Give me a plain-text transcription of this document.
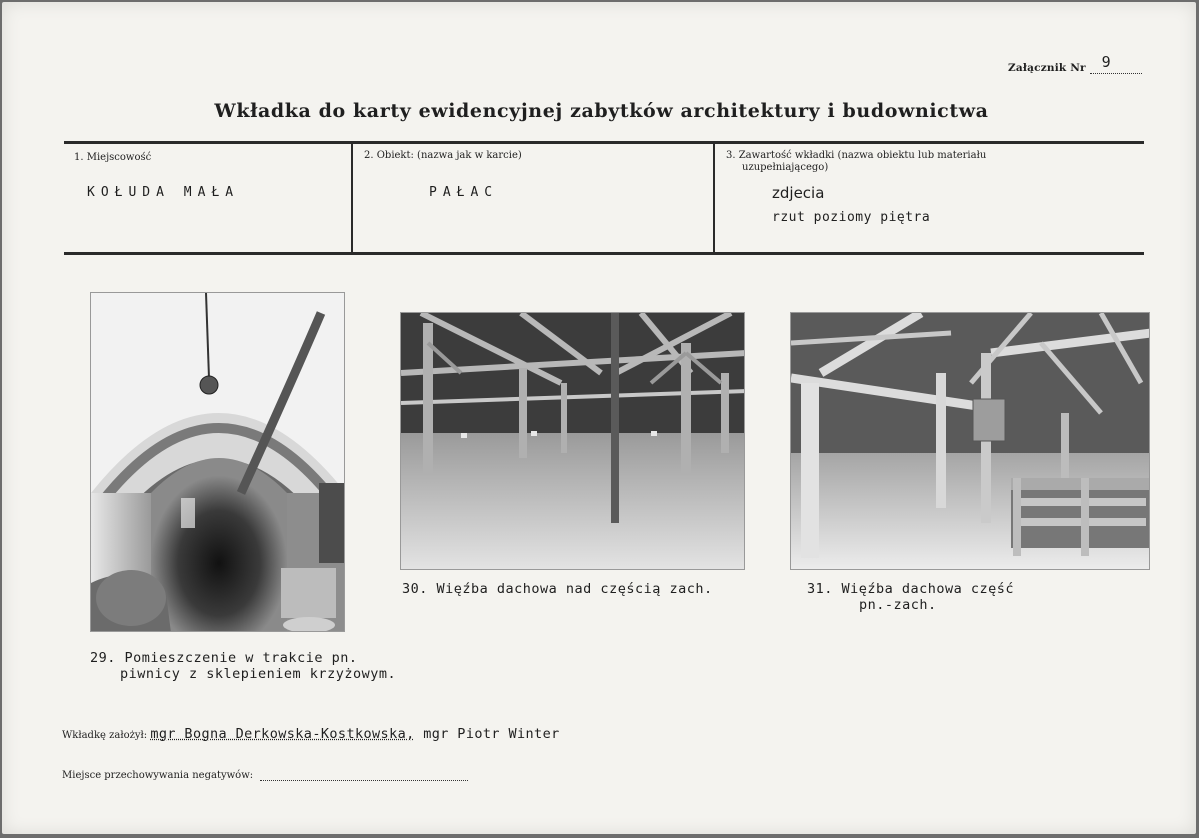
Załącznik Nr 9
Wkładka do karty ewidencyjnej zabytków architektury i budownictwa
1. Miejscowość
KOŁUDA MAŁA
2. Obiekt: (nazwa jak w karcie)
PAŁAC
3. Zawartość wkładki (nazwa obiektu lub materiału
uzupełniającego)
zdjecia
rzut poziomy piętra
29. Pomieszczenie w trakcie pn.
piwnicy z sklepieniem krzyżowym.
30. Więźba dachowa nad częścią zach.	31. Więźba dachowa część
pn.-zach.
Wkładkę założył: mgr Bogna Derkowska-Kostkowska, mgr Piotr Winter
Miejsce przechowywania negatywów:
